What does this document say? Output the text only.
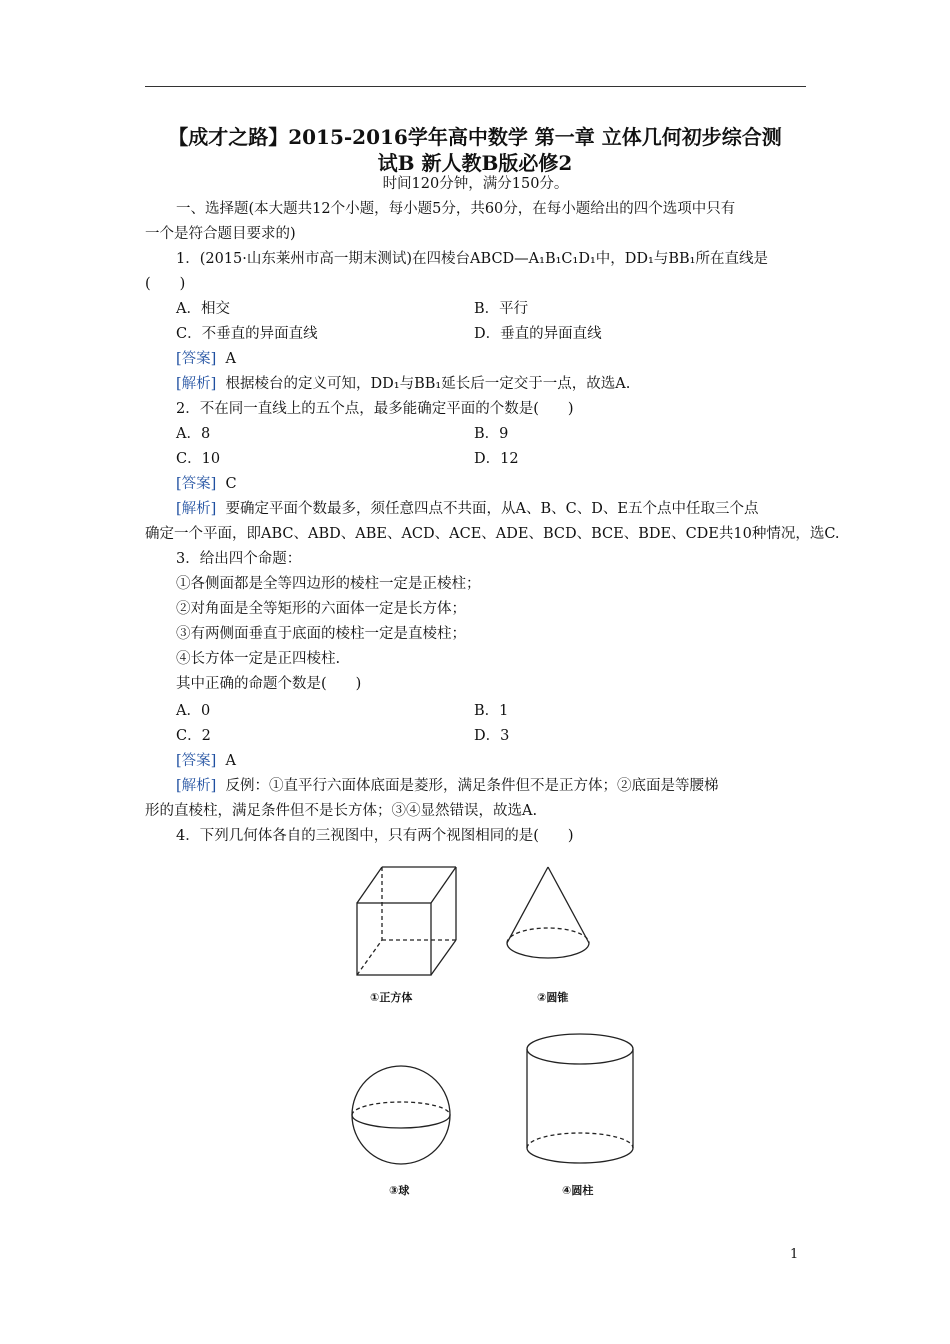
【成才之路】2015-2016学年高中数学 第一章 立体几何初步综合测
试B 新人教B版必修2
时间120分钟，满分150分。
一、选择题(本大题共12个小题，每小题5分，共60分，在每小题给出的四个选项中只有
一个是符合题目要求的)
1．(2015·山东莱州市高一期末测试)在四棱台ABCD—A₁B₁C₁D₁中，DD₁与BB₁所在直线是
(　　)
A．相交	B．平行
C．不垂直的异面直线	D．垂直的异面直线
[答案] A
[解析] 根据棱台的定义可知，DD₁与BB₁延长后一定交于一点，故选A.
2．不在同一直线上的五个点，最多能确定平面的个数是(　　)
A．8	B．9
C．10	D．12
[答案] C
[解析] 要确定平面个数最多，须任意四点不共面，从A、B、C、D、E五个点中任取三个点
确定一个平面，即ABC、ABD、ABE、ACD、ACE、ADE、BCD、BCE、BDE、CDE共10种情况，选C.
3．给出四个命题：
①各侧面都是全等四边形的棱柱一定是正棱柱；
②对角面是全等矩形的六面体一定是长方体；
③有两侧面垂直于底面的棱柱一定是直棱柱；
④长方体一定是正四棱柱.
其中正确的命题个数是(　　)
A．0	B．1
C．2	D．3
[答案] A
[解析] 反例：①直平行六面体底面是菱形，满足条件但不是正方体；②底面是等腰梯
形的直棱柱，满足条件但不是长方体；③④显然错误，故选A.
4．下列几何体各自的三视图中，只有两个视图相同的是(　　)
①正方体	②圆锥
③球	④圆柱
1
